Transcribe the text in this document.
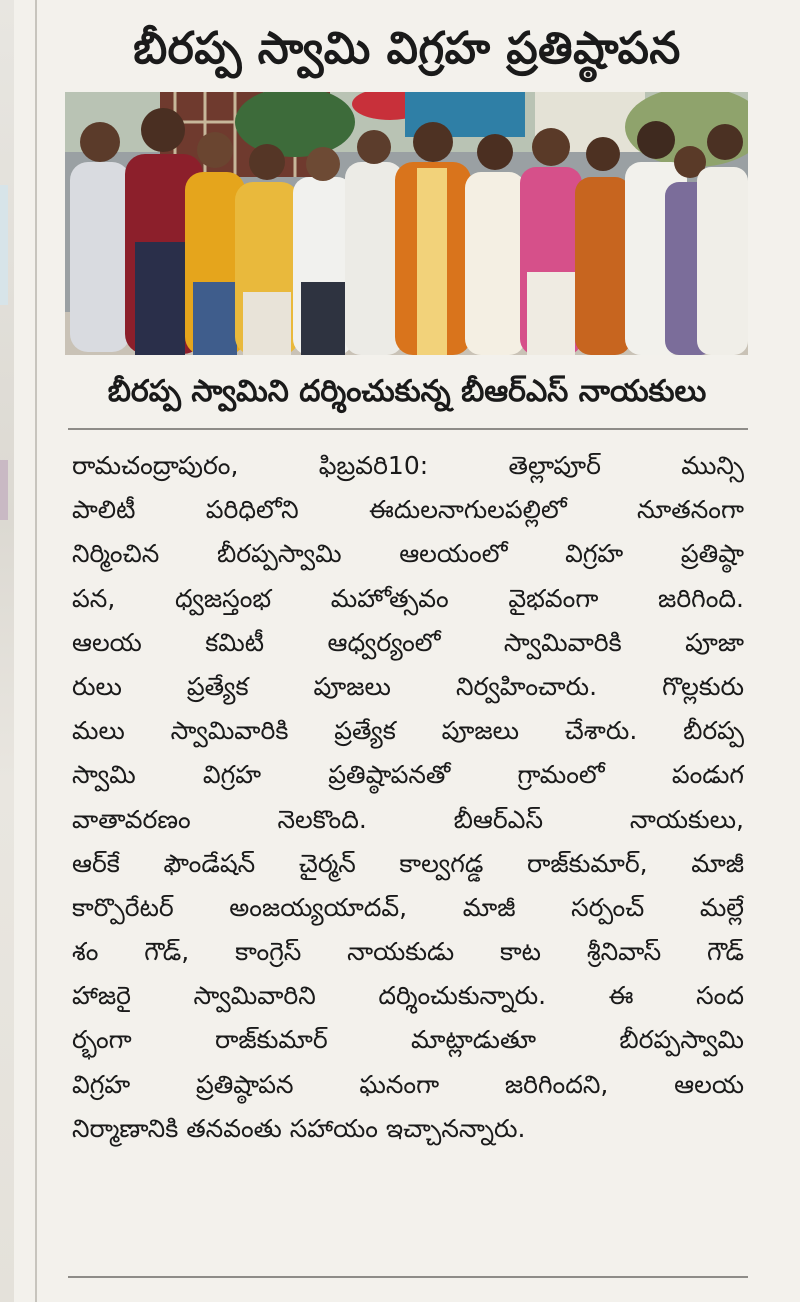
బీరప్ప స్వామి విగ్రహ ప్రతిష్ఠాపన
బీరప్ప స్వామిని దర్శించుకున్న బీఆర్‌ఎస్ నాయకులు
రామచంద్రాపురం, ఫిబ్రవరి10: తెల్లాపూర్ మున్సి
పాలిటీ పరిధిలోని ఈదులనాగులపల్లిలో నూతనంగా
నిర్మించిన బీరప్పస్వామి ఆలయంలో విగ్రహ ప్రతిష్ఠా
పన, ధ్వజస్తంభ మహోత్సవం వైభవంగా జరిగింది.
ఆలయ కమిటీ ఆధ్వర్యంలో స్వామివారికి పూజా
రులు ప్రత్యేక పూజలు నిర్వహించారు. గొల్లకురు
మలు స్వామివారికి ప్రత్యేక పూజలు చేశారు. బీరప్ప
స్వామి విగ్రహ ప్రతిష్ఠాపనతో గ్రామంలో పండుగ
వాతావరణం నెలకొంది. బీఆర్‌ఎస్ నాయకులు,
ఆర్‌కే ఫౌండేషన్ చైర్మన్ కాల్వగడ్డ రాజ్‌కుమార్, మాజీ
కార్పొరేటర్ అంజయ్యయాదవ్, మాజీ సర్పంచ్ మల్లే
శం గౌడ్, కాంగ్రెస్ నాయకుడు కాట శ్రీనివాస్ గౌడ్
హాజరై స్వామివారిని దర్శించుకున్నారు. ఈ సంద
ర్భంగా రాజ్‌కుమార్ మాట్లాడుతూ బీరప్పస్వామి
విగ్రహ ప్రతిష్ఠాపన ఘనంగా జరిగిందని, ఆలయ
నిర్మాణానికి తనవంతు సహాయం ఇచ్చానన్నారు.
